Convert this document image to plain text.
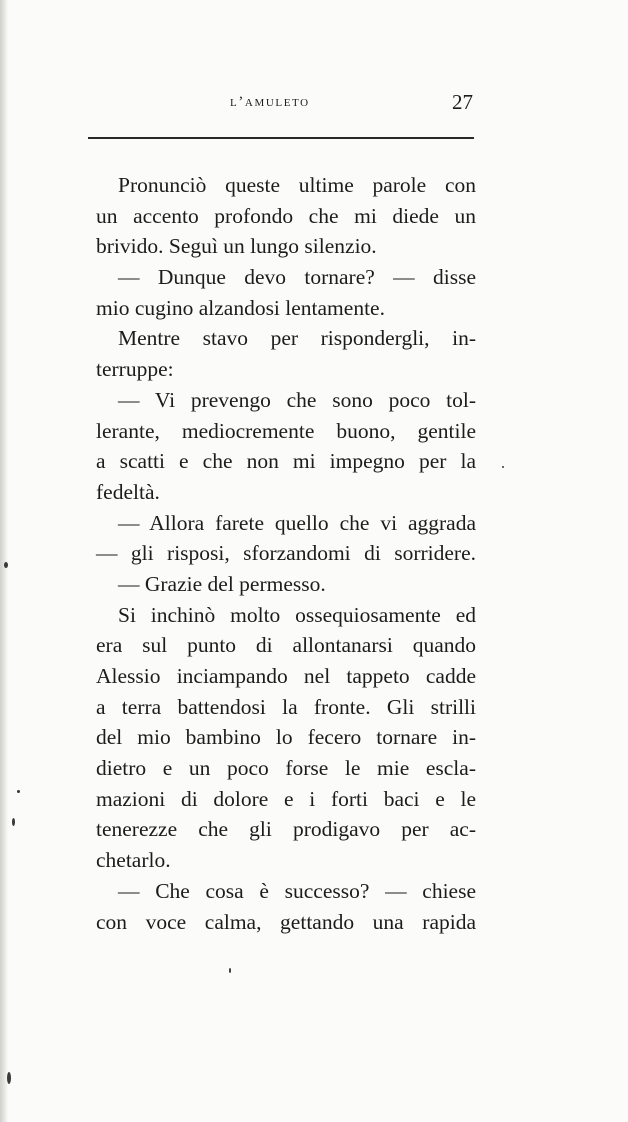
l’amuleto	27
Pronunciò queste ultime parole con
un accento profondo che mi diede un
brivido. Seguì un lungo silenzio.
— Dunque devo tornare? — disse
mio cugino alzandosi lentamente.
Mentre stavo per rispondergli, in-
terruppe:
— Vi prevengo che sono poco tol-
lerante, mediocremente buono, gentile
a scatti e che non mi impegno per la
fedeltà.
— Allora farete quello che vi aggrada
— gli risposi, sforzandomi di sorridere.
— Grazie del permesso.
Si inchinò molto ossequiosamente ed
era sul punto di allontanarsi quando
Alessio inciampando nel tappeto cadde
a terra battendosi la fronte. Gli strilli
del mio bambino lo fecero tornare in-
dietro e un poco forse le mie escla-
mazioni di dolore e i forti baci e le
tenerezze che gli prodigavo per ac-
chetarlo.
— Che cosa è successo? — chiese
con voce calma, gettando una rapida
